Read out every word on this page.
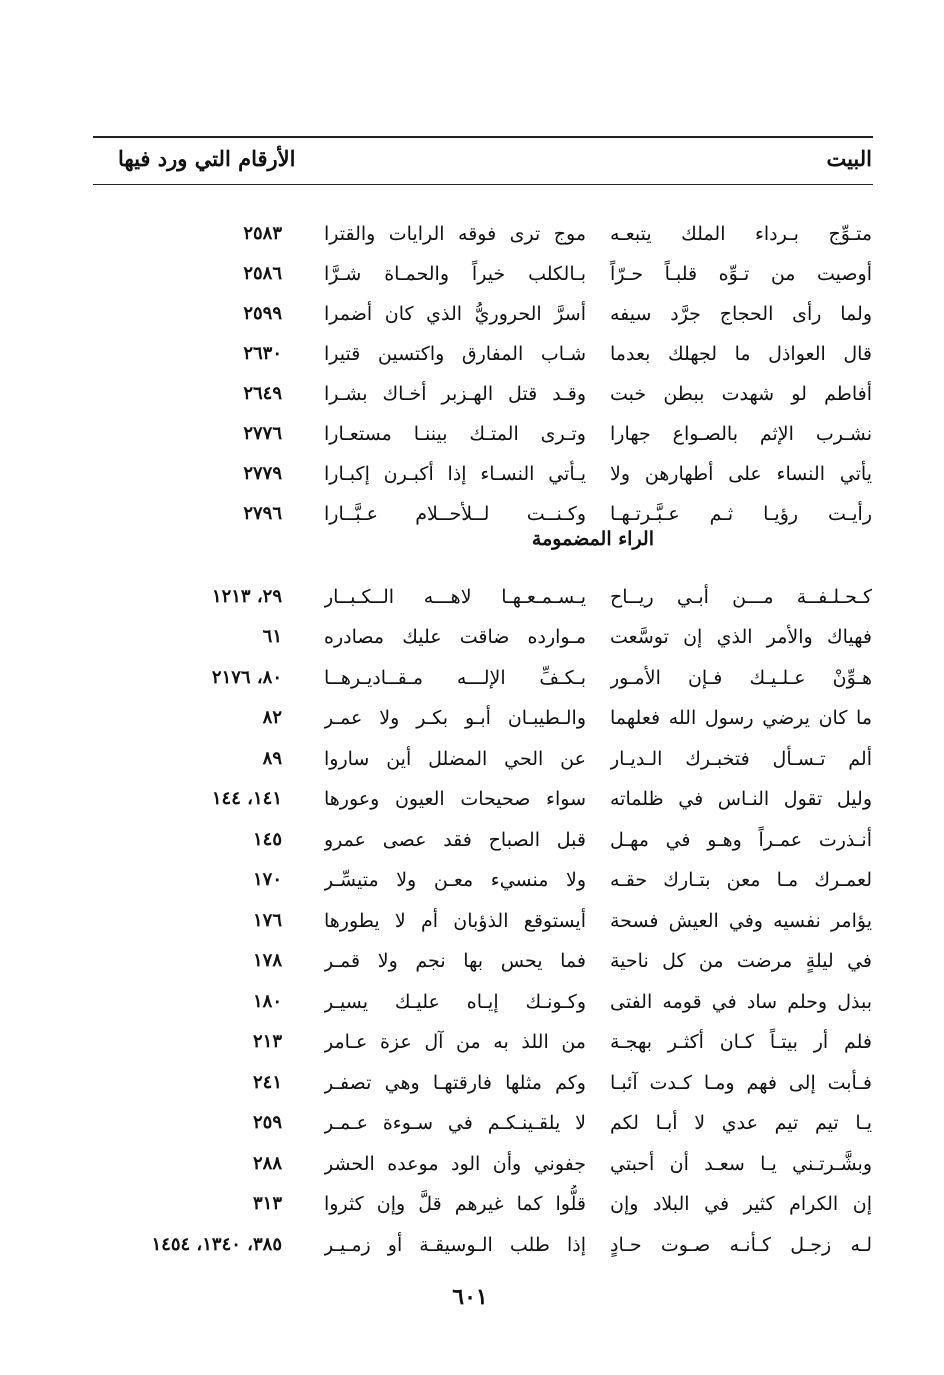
البيت
الأرقام التي ورد فيها
متـوِّج بـرداء الملك يتبعـه
موج ترى فوقه الرايات والقترا
٢٥٨٣
أوصيت من تـوِّه قلبـاً حـرّاً
بـالكلب خيراً والحمـاة شـرَّا
٢٥٨٦
ولما رأى الحجاج جرَّد سيفه
أسرَّ الحروريُّ الذي كان أضمرا
٢٥٩٩
قال العواذل ما لجهلك بعدما
شـاب المفارق واكتسين قتيرا
٢٦٣٠
أفاطم لو شهدت ببطن خبت
وقـد قتل الهـزبر أخـاك بشـرا
٢٦٤٩
نشـرب الإثم بالصـواع جهارا
وتـرى المتـك بيننـا مستعـارا
٢٧٧٦
يأتي النساء على أطهارهن ولا
يـأتي النسـاء إذا أكبـرن إكبـارا
٢٧٧٩
رأيـت رؤيـا ثـم عـبَّـرتـهـا
وكـنــت لــلأحــلام عـبَّــارا
٢٧٩٦
الراء المضمومة
كـحـلـفــة مـــن أبـي ريــاح
يـسـمـعـهـا لاهـــه الــكـبــار
٢٩، ١٢١٣
فهياك والأمر الذي إن توسَّعت
مـوارده ضاقت عليك مصادره
٦١
هـوِّنْ عـلـيـك فـإن الأمـور
بـكـفِّ الإلـــه مـقــاديـرهــا
٨٠، ٢١٧٦
ما كان يرضي رسول الله فعلهما
والـطيبـان أبـو بكـر ولا عمـر
٨٢
ألم تـسـأل فتخبـرك الـديـار
عن الحي المضلل أين ساروا
٨٩
وليل تقول النـاس في ظلماته
سواء صحيحات العيون وعورها
١٤١، ١٤٤
أنـذرت عمـراً وهـو في مهـل
قبل الصباح فقد عصى عمرو
١٤٥
لعمـرك مـا معن بتـارك حقـه
ولا منسيء معـن ولا متيسِّـر
١٧٠
يؤامر نفسيه وفي العيش فسحة
أيستوقع الذؤبان أم لا يطورها
١٧٦
في ليلةٍ مرضت من كل ناحية
فما يحس بها نجم ولا قمـر
١٧٨
ببذل وحلم ساد في قومه الفتى
وكـونـك إيـاه عليـك يسيـر
١٨٠
فلم أر بيتـاً كـان أكثـر بهجـة
من اللذ به من آل عزة عـامر
٢١٣
فـأبت إلى فهم ومـا كـدت آئبـا
وكم مثلها فارقتهـا وهي تصفـر
٢٤١
يـا تيم تيم عدي لا أبـا لكم
لا يلقـينـكـم في سـوءة عـمـر
٢٥٩
وبشَّـرتـني يـا سعـد أن أحبتي
جفوني وأن الود موعده الحشر
٢٨٨
إن الكرام كثير في البلاد وإن
قلُّوا كما غيرهم قلَّ وإن كثروا
٣١٣
لـه زجـل كـأنـه صـوت حـادٍ
إذا طلب الـوسيقـة أو زمـيـر
٣٨٥، ١٣٤٠، ١٤٥٤
٦٠١
